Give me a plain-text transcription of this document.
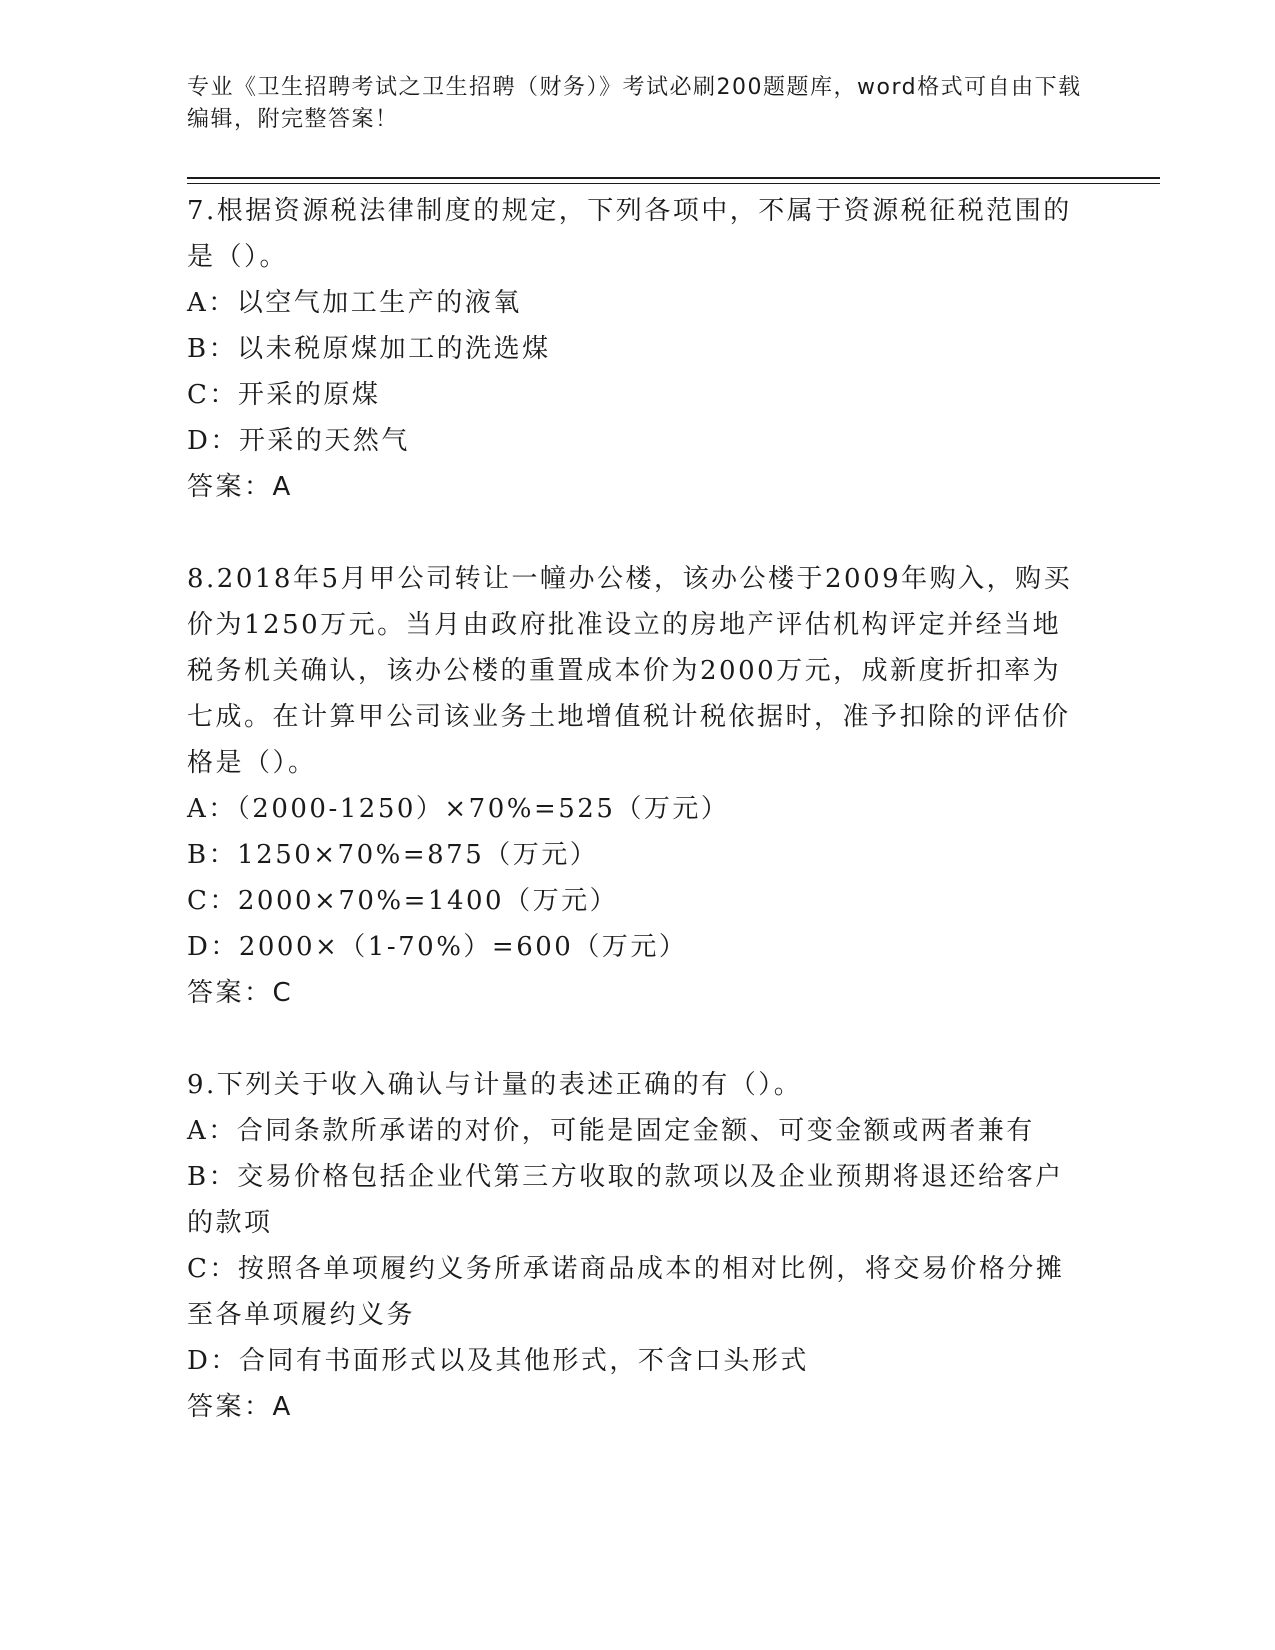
专业《卫生招聘考试之卫生招聘（财务）》考试必刷200题题库，word格式可自由下载编辑，附完整答案！

7.根据资源税法律制度的规定，下列各项中，不属于资源税征税范围的是（）。

A：以空气加工生产的液氧

B：以未税原煤加工的洗选煤

C：开采的原煤

D：开采的天然气

答案：A

8.2018年5月甲公司转让一幢办公楼，该办公楼于2009年购入，购买价为1250万元。当月由政府批准设立的房地产评估机构评定并经当地税务机关确认，该办公楼的重置成本价为2000万元，成新度折扣率为七成。在计算甲公司该业务土地增值税计税依据时，准予扣除的评估价格是（）。

A：（2000-1250）×70%=525（万元）

B：1250×70%=875（万元）

C：2000×70%=1400（万元）

D：2000×（1-70%）=600（万元）

答案：C

9.下列关于收入确认与计量的表述正确的有（）。

A：合同条款所承诺的对价，可能是固定金额、可变金额或两者兼有

B：交易价格包括企业代第三方收取的款项以及企业预期将退还给客户的款项

C：按照各单项履约义务所承诺商品成本的相对比例，将交易价格分摊至各单项履约义务

D：合同有书面形式以及其他形式，不含口头形式

答案：A
